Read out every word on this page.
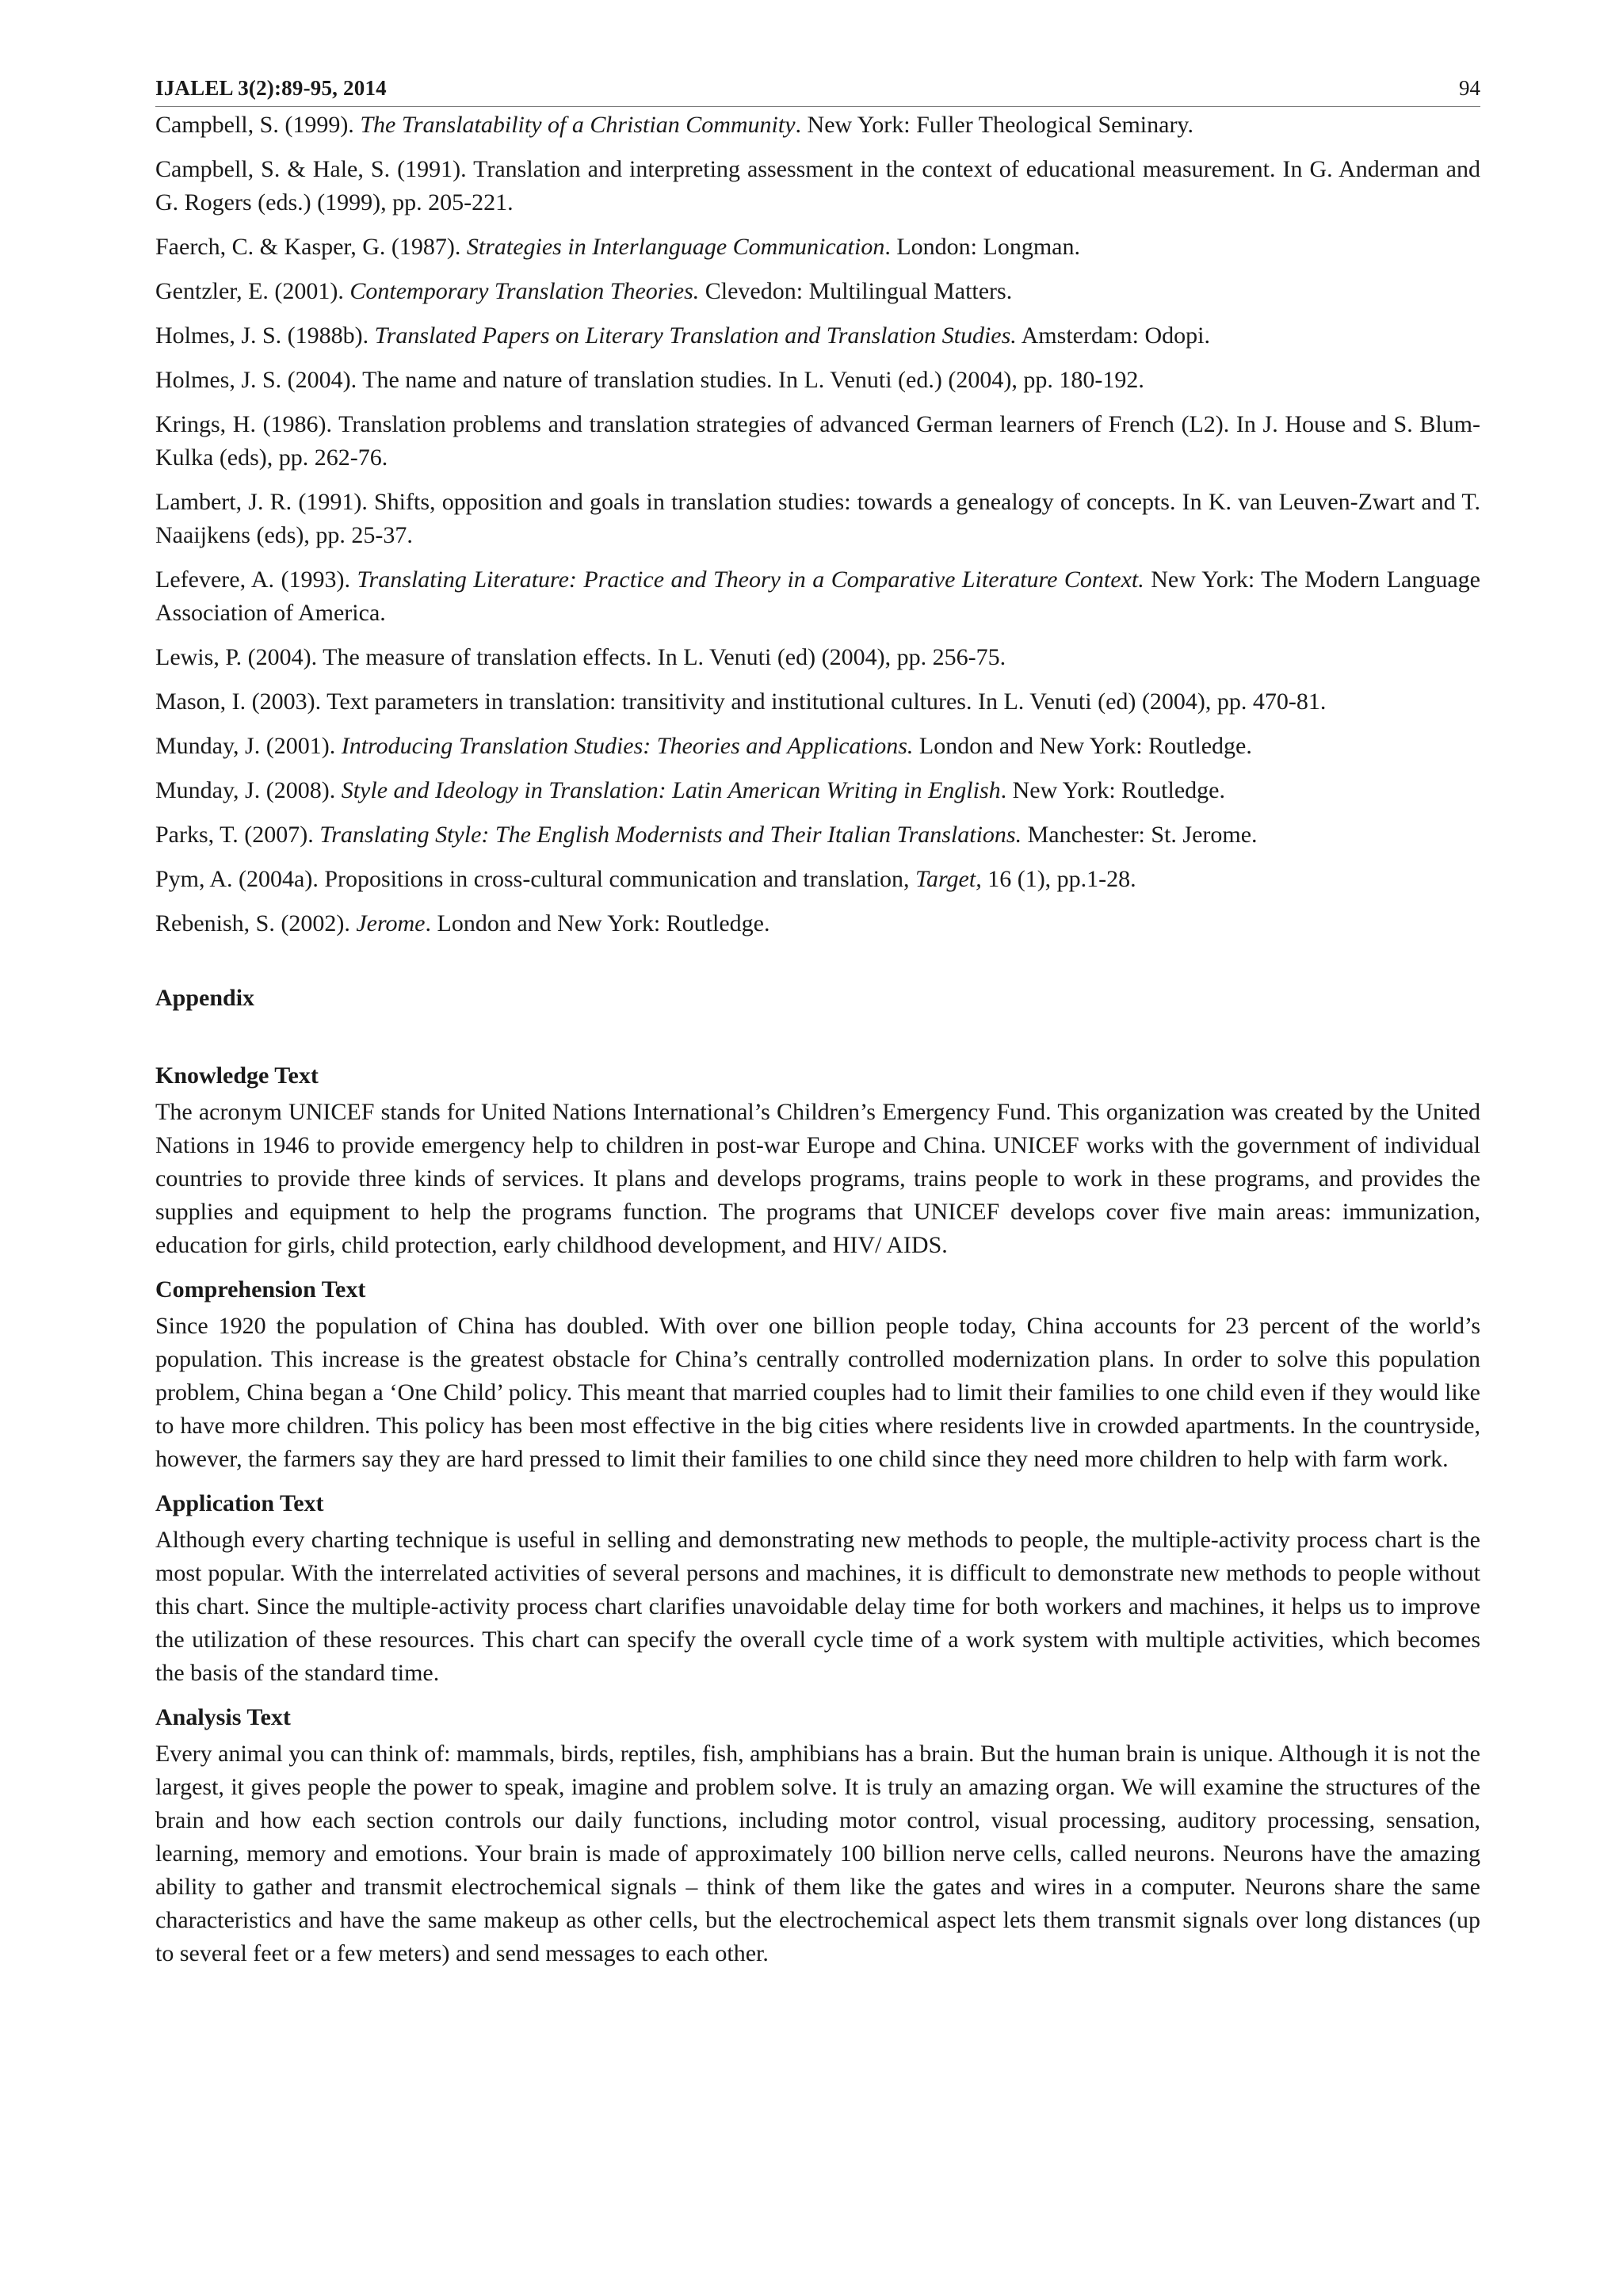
IJALEL 3(2):89-95, 2014	94

Campbell, S. (1999). The Translatability of a Christian Community. New York: Fuller Theological Seminary.

Campbell, S. & Hale, S. (1991). Translation and interpreting assessment in the context of educational measurement. In G. Anderman and G. Rogers (eds.) (1999), pp. 205-221.

Faerch, C. & Kasper, G. (1987). Strategies in Interlanguage Communication. London: Longman.

Gentzler, E. (2001). Contemporary Translation Theories. Clevedon: Multilingual Matters.

Holmes, J. S. (1988b). Translated Papers on Literary Translation and Translation Studies. Amsterdam: Odopi.

Holmes, J. S. (2004). The name and nature of translation studies. In L. Venuti (ed.) (2004), pp. 180-192.

Krings, H. (1986). Translation problems and translation strategies of advanced German learners of French (L2). In J. House and S. Blum-Kulka (eds), pp. 262-76.

Lambert, J. R. (1991). Shifts, opposition and goals in translation studies: towards a genealogy of concepts. In K. van Leuven-Zwart and T. Naaijkens (eds), pp. 25-37.

Lefevere, A. (1993). Translating Literature: Practice and Theory in a Comparative Literature Context. New York: The Modern Language Association of America.

Lewis, P. (2004). The measure of translation effects. In L. Venuti (ed) (2004), pp. 256-75.

Mason, I. (2003). Text parameters in translation: transitivity and institutional cultures. In L. Venuti (ed) (2004), pp. 470-81.

Munday, J. (2001). Introducing Translation Studies: Theories and Applications. London and New York: Routledge.

Munday, J. (2008). Style and Ideology in Translation: Latin American Writing in English. New York: Routledge.

Parks, T. (2007). Translating Style: The English Modernists and Their Italian Translations. Manchester: St. Jerome.

Pym, A. (2004a). Propositions in cross-cultural communication and translation, Target, 16 (1), pp.1-28.

Rebenish, S. (2002). Jerome. London and New York: Routledge.

Appendix
Knowledge Text

The acronym UNICEF stands for United Nations International’s Children’s Emergency Fund. This organization was created by the United Nations in 1946 to provide emergency help to children in post-war Europe and China. UNICEF works with the government of individual countries to provide three kinds of services. It plans and develops programs, trains people to work in these programs, and provides the supplies and equipment to help the programs function. The programs that UNICEF develops cover five main areas: immunization, education for girls, child protection, early childhood development, and HIV/ AIDS.

Comprehension Text

Since 1920 the population of China has doubled. With over one billion people today, China accounts for 23 percent of the world’s population. This increase is the greatest obstacle for China’s centrally controlled modernization plans. In order to solve this population problem, China began a ‘One Child’ policy. This meant that married couples had to limit their families to one child even if they would like to have more children. This policy has been most effective in the big cities where residents live in crowded apartments. In the countryside, however, the farmers say they are hard pressed to limit their families to one child since they need more children to help with farm work.

Application Text

Although every charting technique is useful in selling and demonstrating new methods to people, the multiple-activity process chart is the most popular. With the interrelated activities of several persons and machines, it is difficult to demonstrate new methods to people without this chart. Since the multiple-activity process chart clarifies unavoidable delay time for both workers and machines, it helps us to improve the utilization of these resources. This chart can specify the overall cycle time of a work system with multiple activities, which becomes the basis of the standard time.

Analysis Text

Every animal you can think of: mammals, birds, reptiles, fish, amphibians has a brain. But the human brain is unique. Although it is not the largest, it gives people the power to speak, imagine and problem solve. It is truly an amazing organ. We will examine the structures of the brain and how each section controls our daily functions, including motor control, visual processing, auditory processing, sensation, learning, memory and emotions. Your brain is made of approximately 100 billion nerve cells, called neurons. Neurons have the amazing ability to gather and transmit electrochemical signals – think of them like the gates and wires in a computer. Neurons share the same characteristics and have the same makeup as other cells, but the electrochemical aspect lets them transmit signals over long distances (up to several feet or a few meters) and send messages to each other.
